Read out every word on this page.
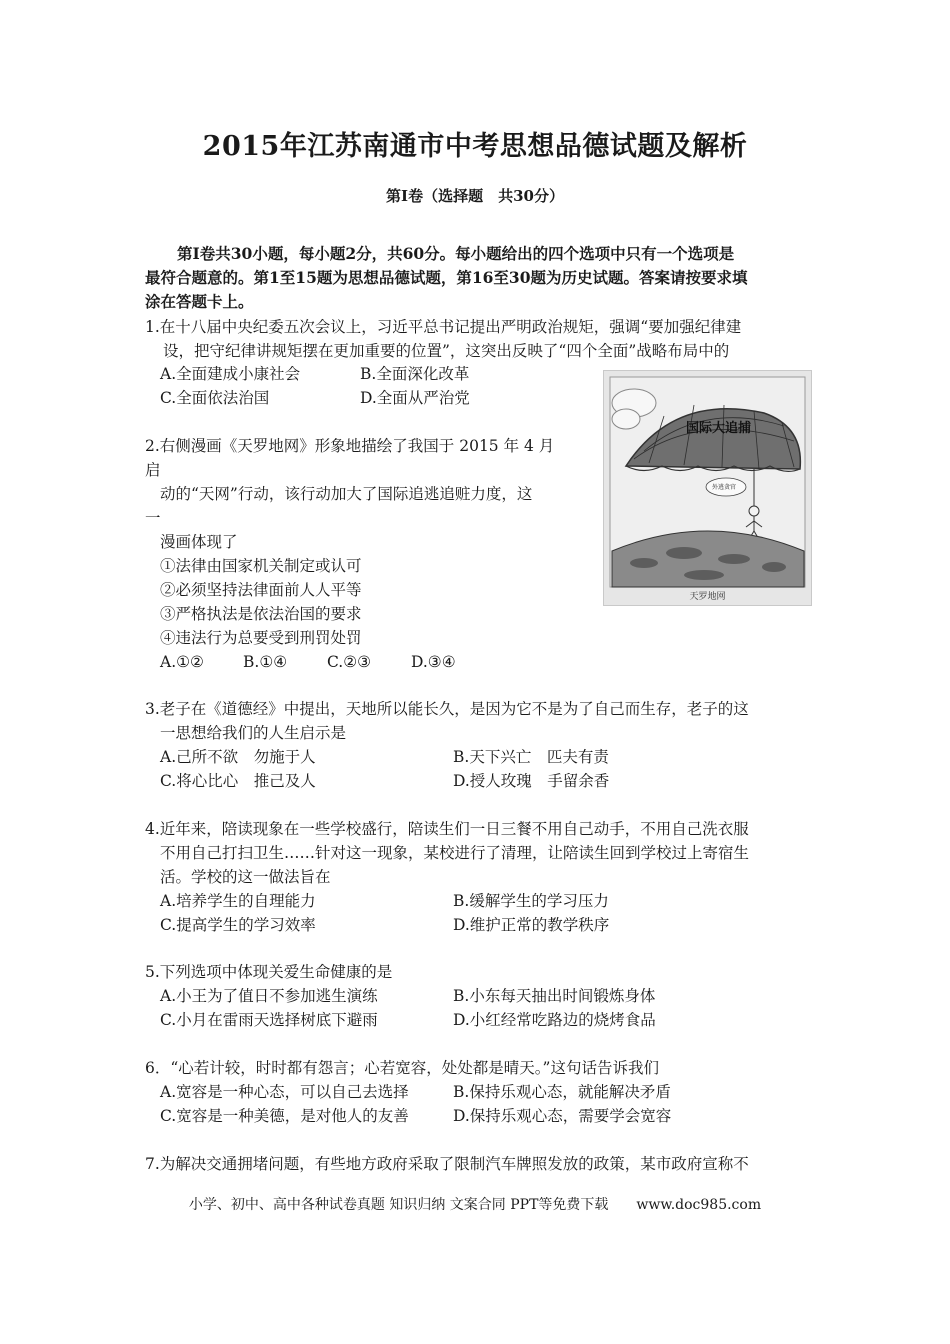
2015年江苏南通市中考思想品德试题及解析
第Ⅰ卷（选择题　共30分）
第Ⅰ卷共30小题，每小题2分，共60分。每小题给出的四个选项中只有一个选项是
最符合题意的。第1至15题为思想品德试题，第16至30题为历史试题。答案请按要求填
涂在答题卡上。
1.在十八届中央纪委五次会议上，习近平总书记提出严明政治规矩，强调“要加强纪律建
设，把守纪律讲规矩摆在更加重要的位置”，这突出反映了“四个全面”战略布局中的
A.全面建成小康社会	B.全面深化改革
C.全面依法治国	D.全面从严治党
国际大追捕
外逃贪官
天罗地网
2.右侧漫画《天罗地网》形象地描绘了我国于 2015 年 4 月
启
动的“天网”行动，该行动加大了国际追逃追赃力度，这
一
漫画体现了
①法律由国家机关制定或认可
②必须坚持法律面前人人平等
③严格执法是依法治国的要求
④违法行为总要受到刑罚处罚
A.①②	B.①④	C.②③	D.③④
3.老子在《道德经》中提出，天地所以能长久，是因为它不是为了自己而生存，老子的这
一思想给我们的人生启示是
A.己所不欲　勿施于人	B.天下兴亡　匹夫有责
C.将心比心　推己及人	D.授人玫瑰　手留余香
4.近年来，陪读现象在一些学校盛行，陪读生们一日三餐不用自己动手，不用自己洗衣服
不用自己打扫卫生……针对这一现象，某校进行了清理，让陪读生回到学校过上寄宿生
活。学校的这一做法旨在
A.培养学生的自理能力	B.缓解学生的学习压力
C.提高学生的学习效率	D.维护正常的教学秩序
5.下列选项中体现关爱生命健康的是
A.小王为了值日不参加逃生演练	B.小东每天抽出时间锻炼身体
C.小月在雷雨天选择树底下避雨	D.小红经常吃路边的烧烤食品
6．“心若计较，时时都有怨言；心若宽容，处处都是晴天。”这句话告诉我们
A.宽容是一种心态，可以自己去选择	B.保持乐观心态，就能解决矛盾
C.宽容是一种美德，是对他人的友善	D.保持乐观心态，需要学会宽容
7.为解决交通拥堵问题，有些地方政府采取了限制汽车牌照发放的政策，某市政府宣称不
小学、初中、高中各种试卷真题 知识归纳 文案合同 PPT等免费下载　　www.doc985.com
